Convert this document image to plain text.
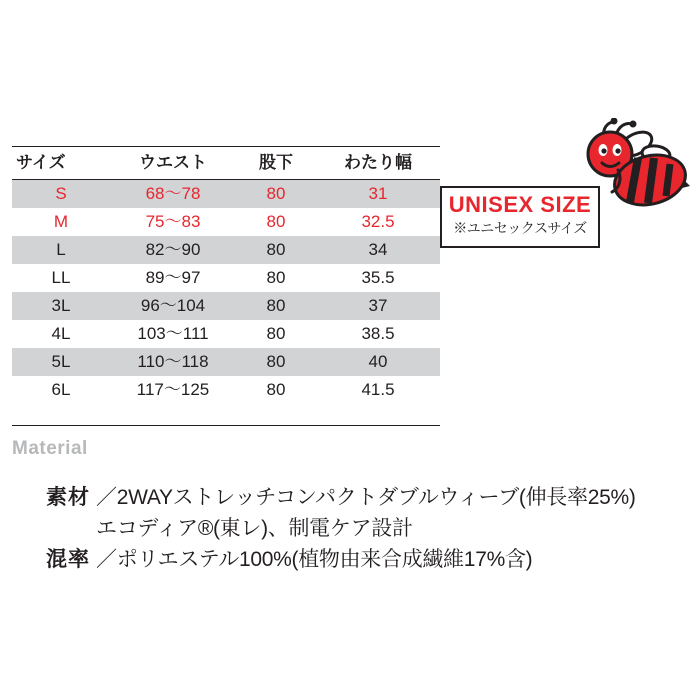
サイズ	ウエスト	股下	わたり幅
S	68〜78	80	31
M	75〜83	80	32.5
L	82〜90	80	34
LL	89〜97	80	35.5
3L	96〜104	80	37
4L	103〜111	80	38.5
5L	110〜118	80	40
6L	117〜125	80	41.5
UNISEX SIZE
※ユニセックスサイズ
Material
素材 ／2WAYストレッチコンパクトダブルウィーブ(伸長率25%)
エコディア®(東レ)、制電ケア設計
混率 ／ポリエステル100%(植物由来合成繊維17%含)
